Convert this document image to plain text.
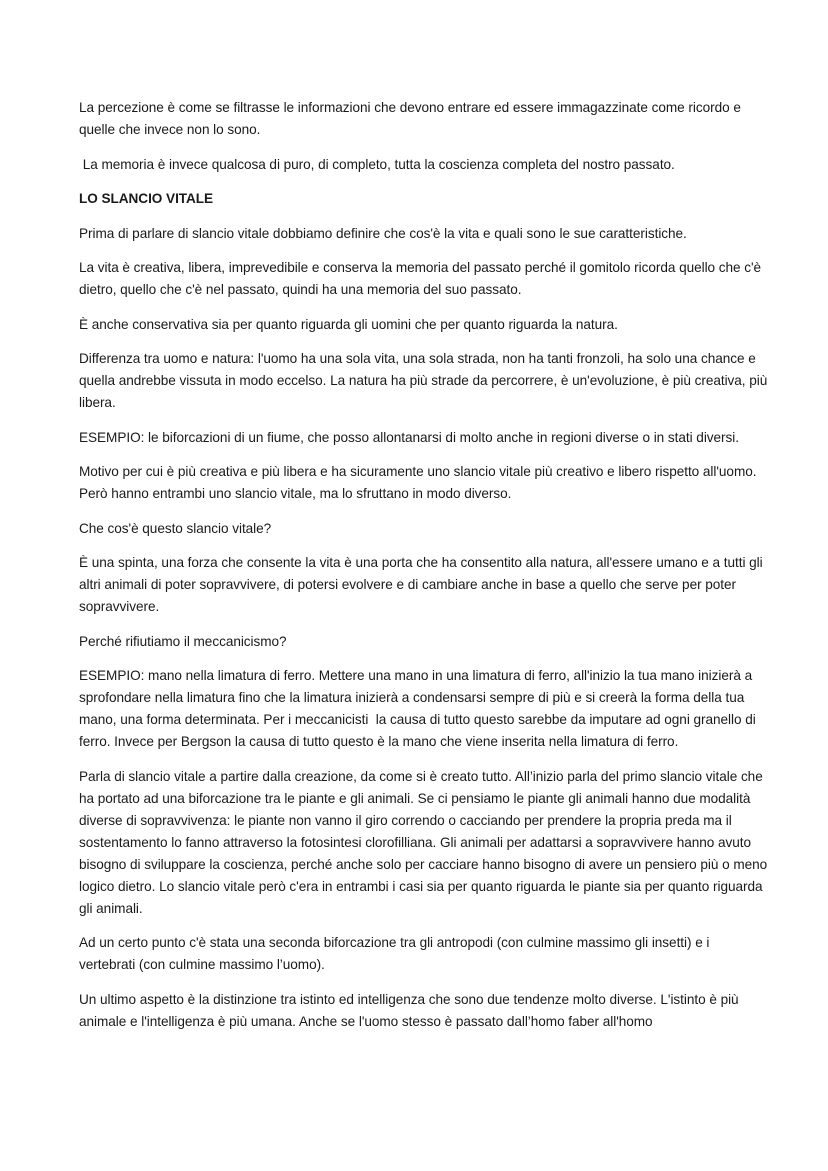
La percezione è come se filtrasse le informazioni che devono entrare ed essere immagazzinate come ricordo e quelle che invece non lo sono.

La memoria è invece qualcosa di puro, di completo, tutta la coscienza completa del nostro passato.

LO SLANCIO VITALE

Prima di parlare di slancio vitale dobbiamo definire che cos'è la vita e quali sono le sue caratteristiche.

La vita è creativa, libera, imprevedibile e conserva la memoria del passato perché il gomitolo ricorda quello che c'è dietro, quello che c'è nel passato, quindi ha una memoria del suo passato.

È anche conservativa sia per quanto riguarda gli uomini che per quanto riguarda la natura.

Differenza tra uomo e natura: l'uomo ha una sola vita, una sola strada, non ha tanti fronzoli, ha solo una chance e quella andrebbe vissuta in modo eccelso. La natura ha più strade da percorrere, è un'evoluzione, è più creativa, più libera.

ESEMPIO: le biforcazioni di un fiume, che posso allontanarsi di molto anche in regioni diverse o in stati diversi.

Motivo per cui è più creativa e più libera e ha sicuramente uno slancio vitale più creativo e libero rispetto all'uomo. Però hanno entrambi uno slancio vitale, ma lo sfruttano in modo diverso.

Che cos'è questo slancio vitale?

È una spinta, una forza che consente la vita è una porta che ha consentito alla natura, all'essere umano e a tutti gli altri animali di poter sopravvivere, di potersi evolvere e di cambiare anche in base a quello che serve per poter sopravvivere.

Perché rifiutiamo il meccanicismo?

ESEMPIO: mano nella limatura di ferro. Mettere una mano in una limatura di ferro, all'inizio la tua mano inizierà a sprofondare nella limatura fino che la limatura inizierà a condensarsi sempre di più e si creerà la forma della tua mano, una forma determinata. Per i meccanicisti  la causa di tutto questo sarebbe da imputare ad ogni granello di ferro. Invece per Bergson la causa di tutto questo è la mano che viene inserita nella limatura di ferro.

Parla di slancio vitale a partire dalla creazione, da come si è creato tutto. All’inizio parla del primo slancio vitale che ha portato ad una biforcazione tra le piante e gli animali. Se ci pensiamo le piante gli animali hanno due modalità diverse di sopravvivenza: le piante non vanno il giro correndo o cacciando per prendere la propria preda ma il sostentamento lo fanno attraverso la fotosintesi clorofilliana. Gli animali per adattarsi a sopravvivere hanno avuto bisogno di sviluppare la coscienza, perché anche solo per cacciare hanno bisogno di avere un pensiero più o meno logico dietro. Lo slancio vitale però c'era in entrambi i casi sia per quanto riguarda le piante sia per quanto riguarda gli animali.

Ad un certo punto c'è stata una seconda biforcazione tra gli antropodi (con culmine massimo gli insetti) e i vertebrati (con culmine massimo l’uomo).

Un ultimo aspetto è la distinzione tra istinto ed intelligenza che sono due tendenze molto diverse. L'istinto è più animale e l'intelligenza è più umana. Anche se l'uomo stesso è passato dall’homo faber all'homo
